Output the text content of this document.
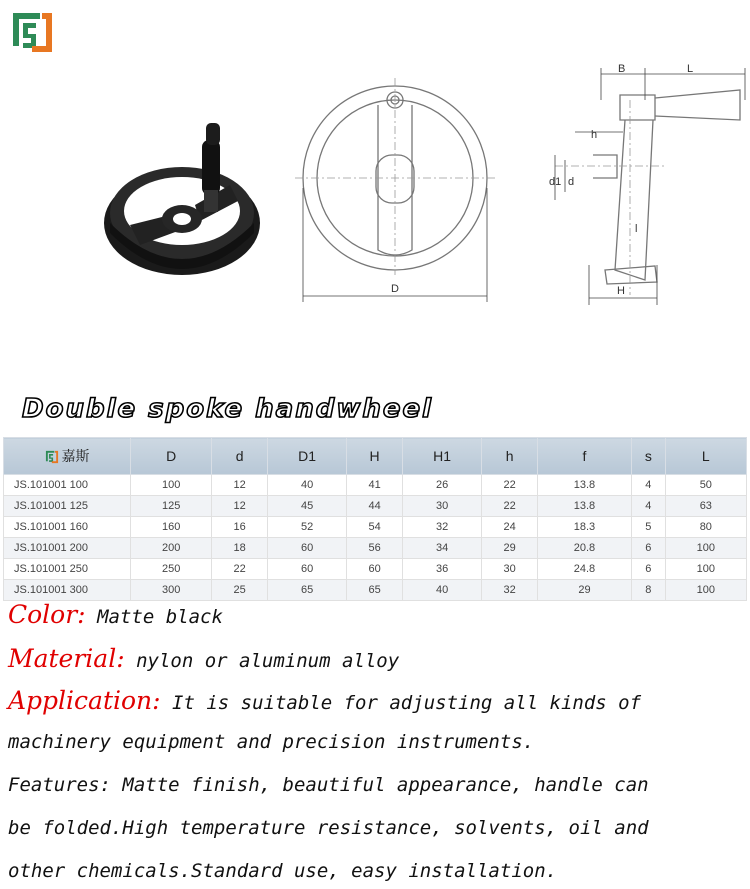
D
B	L
h
d1 d
H
l
Double spoke handwheel
嘉斯	D	d	D1	H	H1	h	f	s	L
JS.101001 100	100	12	40	41	26	22	13.8	4	50
JS.101001 125	125	12	45	44	30	22	13.8	4	63
JS.101001 160	160	16	52	54	32	24	18.3	5	80
JS.101001 200	200	18	60	56	34	29	20.8	6	100
JS.101001 250	250	22	60	60	36	30	24.8	6	100
JS.101001 300	300	25	65	65	40	32	29	8	100
Color: Matte black
Material: nylon or aluminum alloy
Application: It is suitable for adjusting all kinds of
machinery equipment and precision instruments.
Features: Matte finish, beautiful appearance, handle can
be folded.High temperature resistance, solvents, oil and
other chemicals.Standard use, easy installation.
